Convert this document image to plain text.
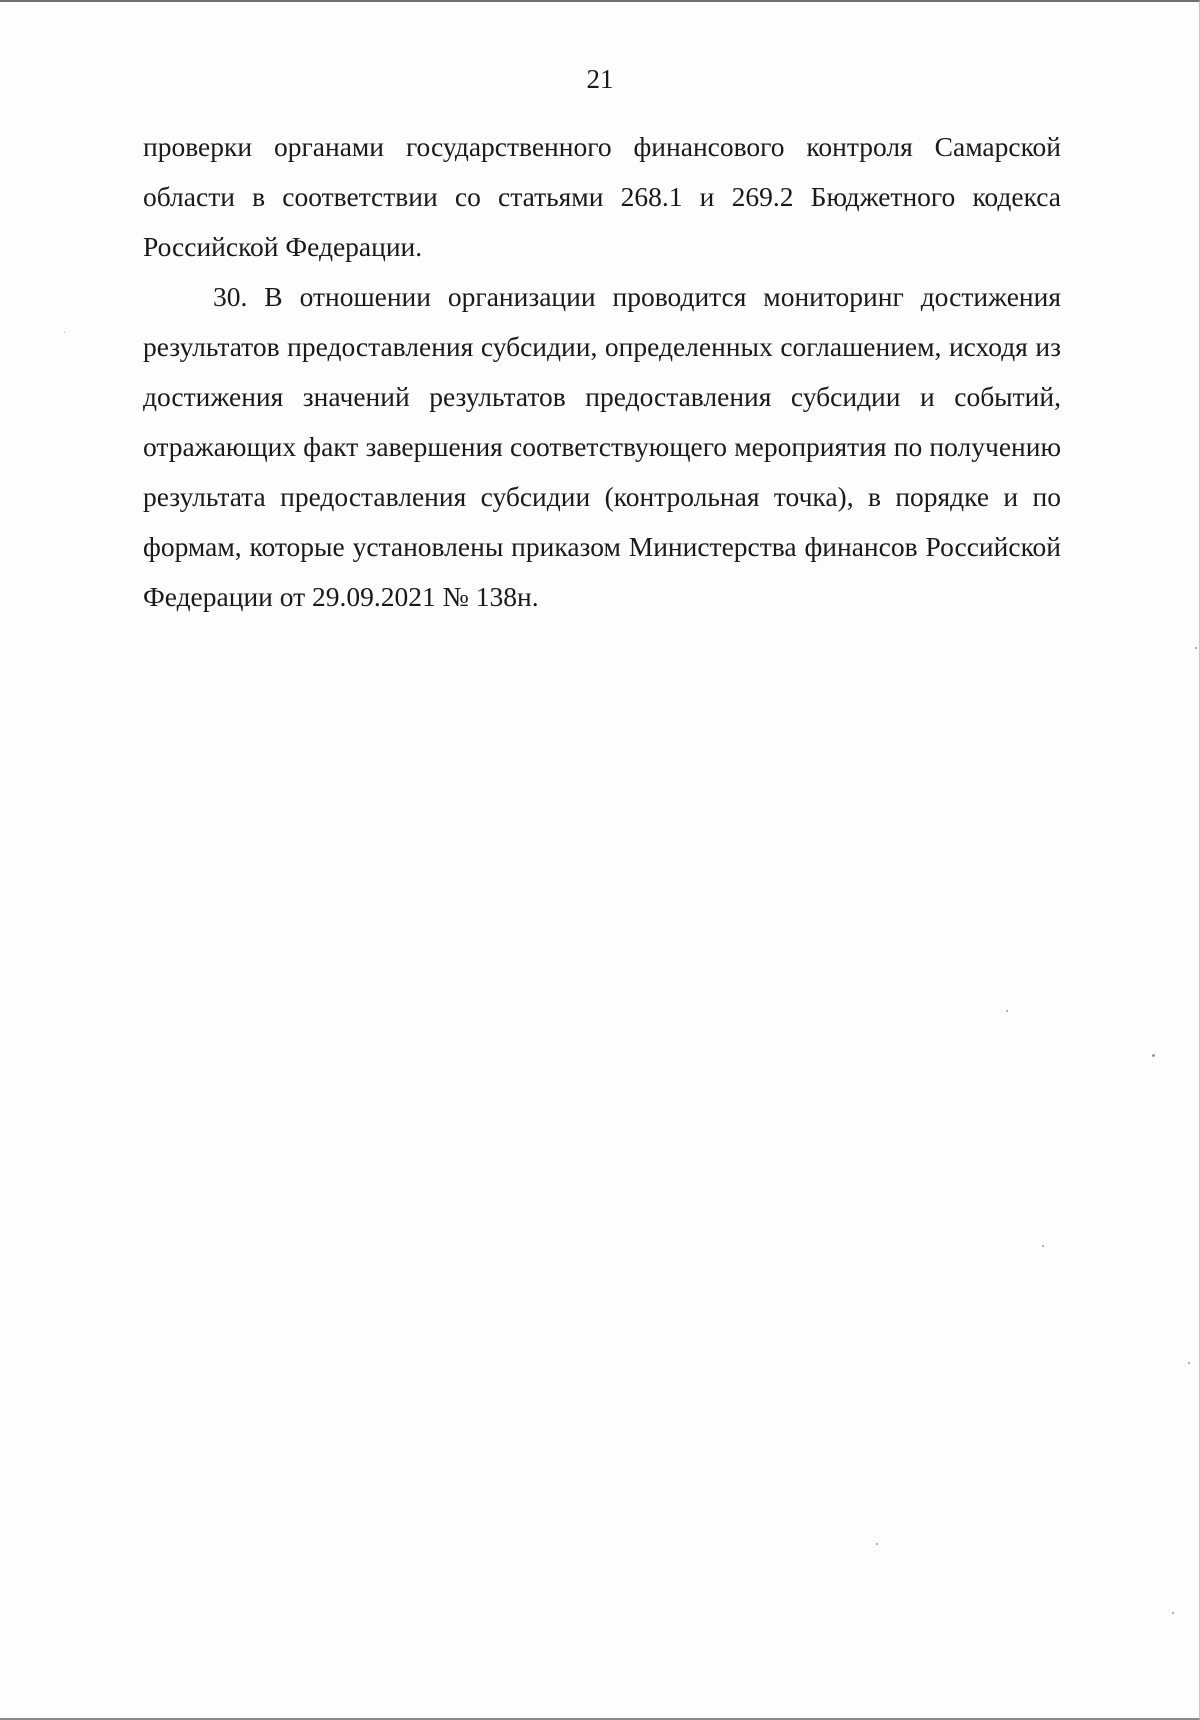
21

проверки органами государственного финансового контроля Самарской области в соответствии со статьями 268.1 и 269.2 Бюджетного кодекса Российской Федерации.

30. В отношении организации проводится мониторинг достижения результатов предоставления субсидии, определенных соглашением, исходя из достижения значений результатов предоставления субсидии и событий, отражающих факт завершения соответствующего мероприятия по получению результата предоставления субсидии (контрольная точка), в порядке и по формам, которые установлены приказом Министерства финансов Российской Федерации от 29.09.2021 № 138н.
